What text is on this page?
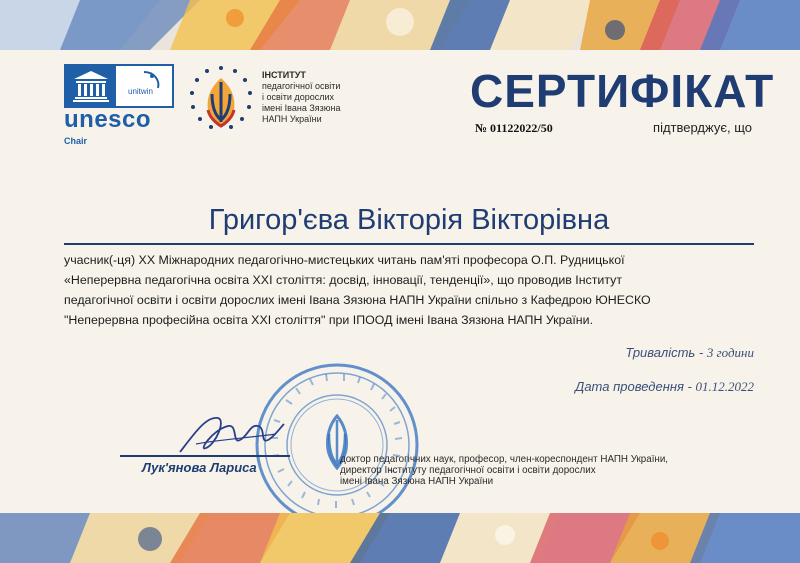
unitwin
unesco
Chair
ІНСТИТУТ
педагогічної освіти
і освіти дорослих
імені Івана Зязюна
НАПН України
СЕРТИФІКАТ
№ 01122022/50	підтверджує, що
Григор'єва Вікторія Вікторівна
учасник(-ця) XX Міжнародних педагогічно-мистецьких читань пам'яті професора О.П. Рудницької
«Неперервна педагогічна освіта XXI століття: досвід, інновації, тенденції», що проводив Інститут
педагогічної освіти і освіти дорослих імені Івана Зязюна НАПН України спільно з Кафедрою ЮНЕСКО
"Неперервна професійна освіта XXI століття" при ІПООД імені Івана Зязюна НАПН України.
Тривалість - 3 години
Дата проведення - 01.12.2022
Лук'янова Лариса
доктор педагогічних наук, професор, член-кореспондент НАПН України,
директор Інституту педагогічної освіти і освіти дорослих
імені Івана Зязюна НАПН України
